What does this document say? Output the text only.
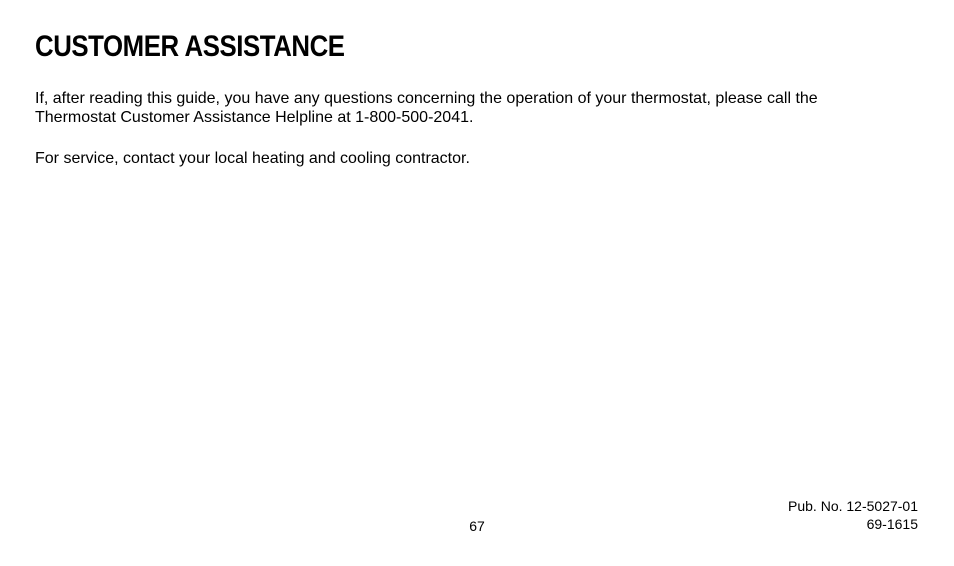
CUSTOMER ASSISTANCE

If, after reading this guide, you have any questions concerning the operation of your thermostat, please call the
Thermostat Customer Assistance Helpline at 1-800-500-2041.

For service, contact your local heating and cooling contractor.

67
Pub. No. 12-5027-01
69-1615
